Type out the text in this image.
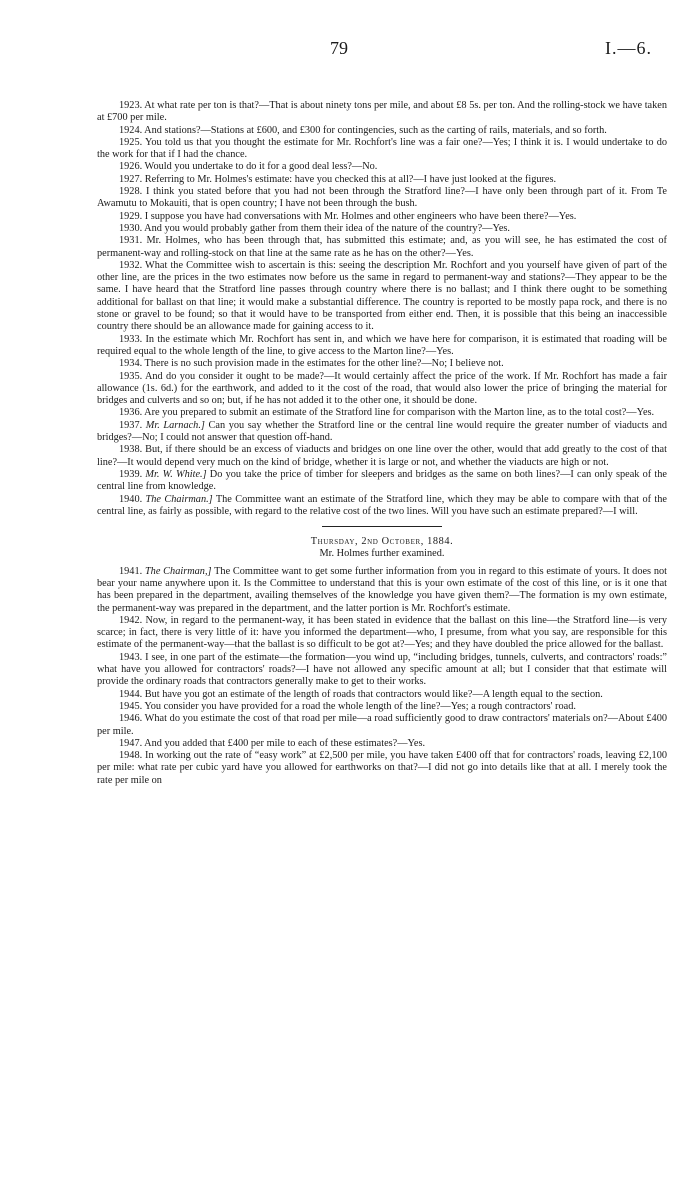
79	I.—6.

1923. At what rate per ton is that?—That is about ninety tons per mile, and about £8 5s. per ton. And the rolling-stock we have taken at £700 per mile.

1924. And stations?—Stations at £600, and £300 for contingencies, such as the carting of rails, materials, and so forth.

1925. You told us that you thought the estimate for Mr. Rochfort's line was a fair one?—Yes; I think it is. I would undertake to do the work for that if I had the chance.

1926. Would you undertake to do it for a good deal less?—No.

1927. Referring to Mr. Holmes's estimate: have you checked this at all?—I have just looked at the figures.

1928. I think you stated before that you had not been through the Stratford line?—I have only been through part of it. From Te Awamutu to Mokauiti, that is open country; I have not been through the bush.

1929. I suppose you have had conversations with Mr. Holmes and other engineers who have been there?—Yes.

1930. And you would probably gather from them their idea of the nature of the country?—Yes.

1931. Mr. Holmes, who has been through that, has submitted this estimate; and, as you will see, he has estimated the cost of permanent-way and rolling-stock on that line at the same rate as he has on the other?—Yes.

1932. What the Committee wish to ascertain is this: seeing the description Mr. Rochfort and you yourself have given of part of the other line, are the prices in the two estimates now before us the same in regard to permanent-way and stations?—They appear to be the same. I have heard that the Stratford line passes through country where there is no ballast; and I think there ought to be something additional for ballast on that line; it would make a substantial difference. The country is reported to be mostly papa rock, and there is no stone or gravel to be found; so that it would have to be transported from either end. Then, it is possible that this being an inaccessible country there should be an allowance made for gaining access to it.

1933. In the estimate which Mr. Rochfort has sent in, and which we have here for comparison, it is estimated that roading will be required equal to the whole length of the line, to give access to the Marton line?—Yes.

1934. There is no such provision made in the estimates for the other line?—No; I believe not.

1935. And do you consider it ought to be made?—It would certainly affect the price of the work. If Mr. Rochfort has made a fair allowance (1s. 6d.) for the earthwork, and added to it the cost of the road, that would also lower the price of bringing the material for bridges and culverts and so on; but, if he has not added it to the other one, it should be done.

1936. Are you prepared to submit an estimate of the Stratford line for comparison with the Marton line, as to the total cost?—Yes.

1937. Mr. Larnach.] Can you say whether the Stratford line or the central line would require the greater number of viaducts and bridges?—No; I could not answer that question off-hand.

1938. But, if there should be an excess of viaducts and bridges on one line over the other, would that add greatly to the cost of that line?—It would depend very much on the kind of bridge, whether it is large or not, and whether the viaducts are high or not.

1939. Mr. W. White.] Do you take the price of timber for sleepers and bridges as the same on both lines?—I can only speak of the central line from knowledge.

1940. The Chairman.] The Committee want an estimate of the Stratford line, which they may be able to compare with that of the central line, as fairly as possible, with regard to the relative cost of the two lines. Will you have such an estimate prepared?—I will.

Thursday, 2nd October, 1884.

Mr. Holmes further examined.

1941. The Chairman,] The Committee want to get some further information from you in regard to this estimate of yours. It does not bear your name anywhere upon it. Is the Committee to understand that this is your own estimate of the cost of this line, or is it one that has been prepared in the department, availing themselves of the knowledge you have given them?—The formation is my own estimate, the permanent-way was prepared in the department, and the latter portion is Mr. Rochfort's estimate.

1942. Now, in regard to the permanent-way, it has been stated in evidence that the ballast on this line—the Stratford line—is very scarce; in fact, there is very little of it: have you informed the department—who, I presume, from what you say, are responsible for this estimate of the permanent-way—that the ballast is so difficult to be got at?—Yes; and they have doubled the price allowed for the ballast.

1943. I see, in one part of the estimate—the formation—you wind up, “including bridges, tunnels, culverts, and contractors' roads:” what have you allowed for contractors' roads?—I have not allowed any specific amount at all; but I consider that that estimate will provide the ordinary roads that contractors generally make to get to their works.

1944. But have you got an estimate of the length of roads that contractors would like?—A length equal to the section.

1945. You consider you have provided for a road the whole length of the line?—Yes; a rough contractors' road.

1946. What do you estimate the cost of that road per mile—a road sufficiently good to draw contractors' materials on?—About £400 per mile.

1947. And you added that £400 per mile to each of these estimates?—Yes.

1948. In working out the rate of “easy work” at £2,500 per mile, you have taken £400 off that for contractors' roads, leaving £2,100 per mile: what rate per cubic yard have you allowed for earthworks on that?—I did not go into details like that at all. I merely took the rate per mile on
